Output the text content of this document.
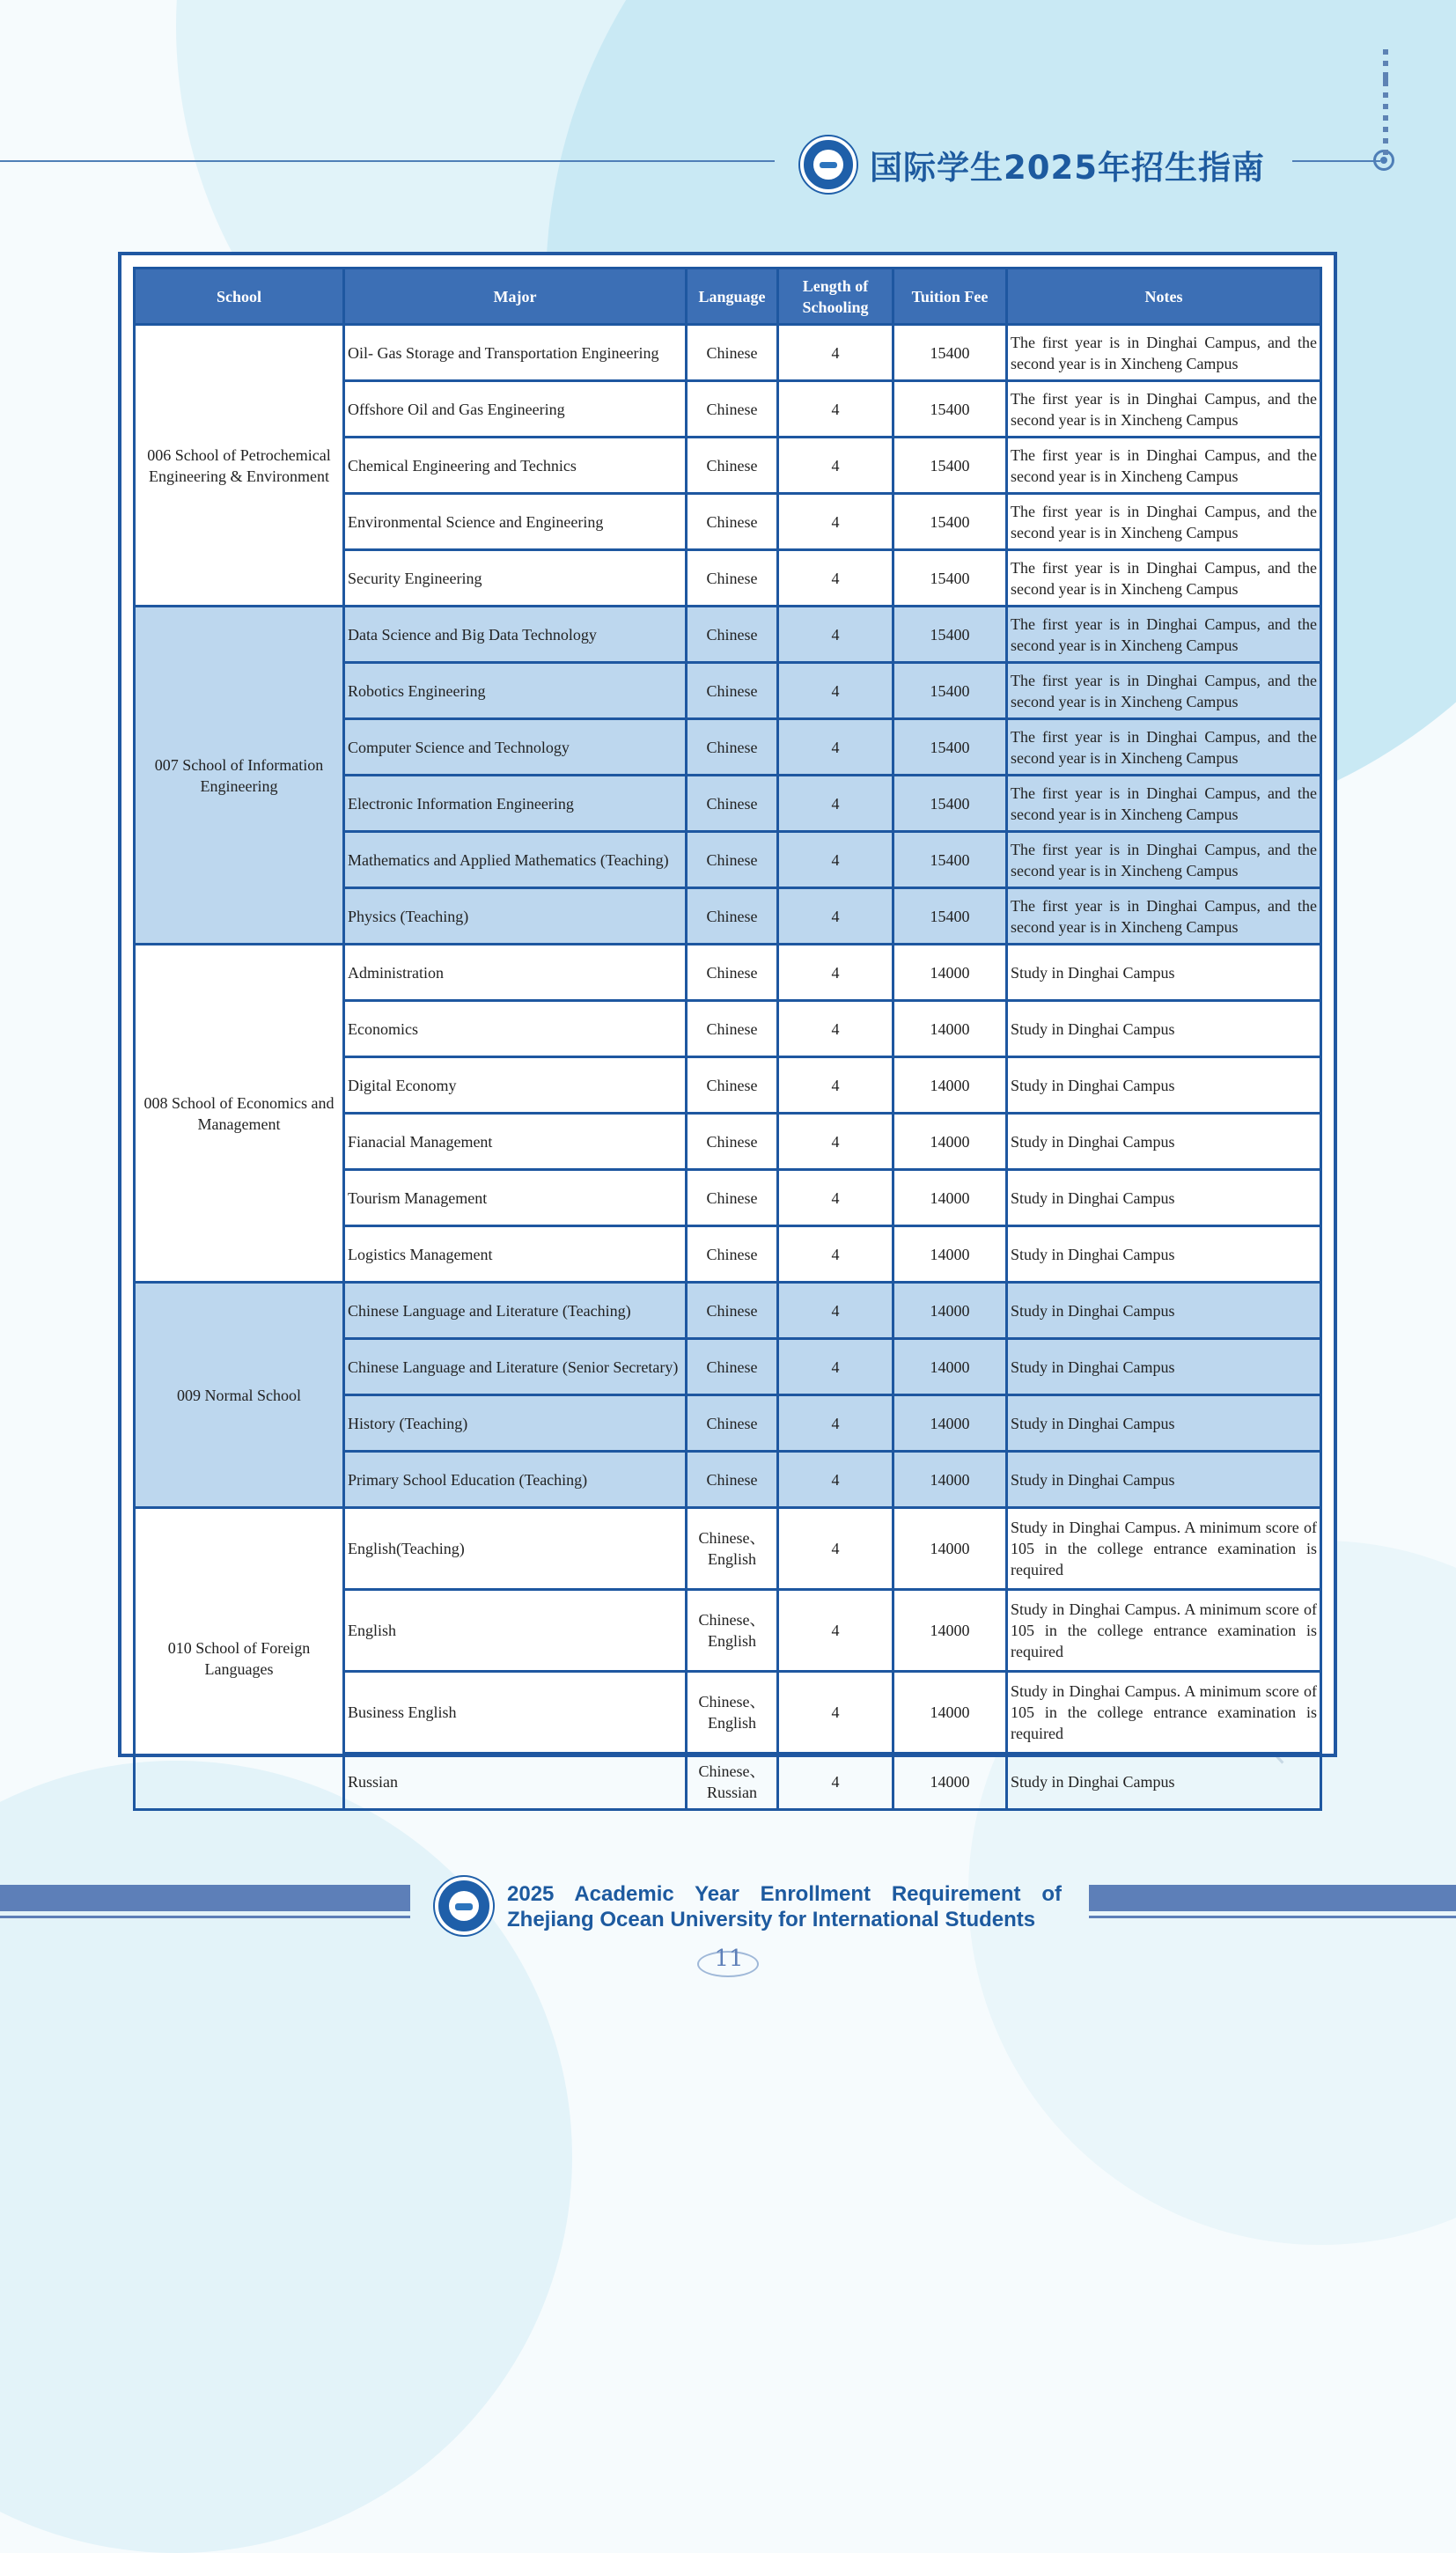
国际学生2025年招生指南
School	Major	Language	Length of Schooling	Tuition Fee	Notes
006 School of Petrochemical Engineering & Environment	Oil- Gas Storage and Transportation Engineering	Chinese	4	15400	The first year is in Dinghai Campus, and the second year is in Xincheng Campus
	Offshore Oil and Gas Engineering	Chinese	4	15400	The first year is in Dinghai Campus, and the second year is in Xincheng Campus
	Chemical Engineering and Technics	Chinese	4	15400	The first year is in Dinghai Campus, and the second year is in Xincheng Campus
	Environmental Science and Engineering	Chinese	4	15400	The first year is in Dinghai Campus, and the second year is in Xincheng Campus
	Security Engineering	Chinese	4	15400	The first year is in Dinghai Campus, and the second year is in Xincheng Campus
007 School of Information Engineering	Data Science and Big Data Technology	Chinese	4	15400	The first year is in Dinghai Campus, and the second year is in Xincheng Campus
	Robotics Engineering	Chinese	4	15400	The first year is in Dinghai Campus, and the second year is in Xincheng Campus
	Computer Science and Technology	Chinese	4	15400	The first year is in Dinghai Campus, and the second year is in Xincheng Campus
	Electronic Information Engineering	Chinese	4	15400	The first year is in Dinghai Campus, and the second year is in Xincheng Campus
	Mathematics and Applied Mathematics (Teaching)	Chinese	4	15400	The first year is in Dinghai Campus, and the second year is in Xincheng Campus
	Physics (Teaching)	Chinese	4	15400	The first year is in Dinghai Campus, and the second year is in Xincheng Campus
008 School of Economics and Management	Administration	Chinese	4	14000	Study in Dinghai Campus
	Economics	Chinese	4	14000	Study in Dinghai Campus
	Digital Economy	Chinese	4	14000	Study in Dinghai Campus
	Fianacial Management	Chinese	4	14000	Study in Dinghai Campus
	Tourism Management	Chinese	4	14000	Study in Dinghai Campus
	Logistics Management	Chinese	4	14000	Study in Dinghai Campus
009 Normal School	Chinese Language and Literature (Teaching)	Chinese	4	14000	Study in Dinghai Campus
	Chinese Language and Literature (Senior Secretary)	Chinese	4	14000	Study in Dinghai Campus
	History (Teaching)	Chinese	4	14000	Study in Dinghai Campus
	Primary School Education (Teaching)	Chinese	4	14000	Study in Dinghai Campus
010 School of Foreign Languages	English(Teaching)	Chinese、English	4	14000	Study in Dinghai Campus. A minimum score of 105 in the college entrance examination is required
	English	Chinese、English	4	14000	Study in Dinghai Campus. A minimum score of 105 in the college entrance examination is required
	Business English	Chinese、English	4	14000	Study in Dinghai Campus. A minimum score of 105 in the college entrance examination is required
	Russian	Chinese、Russian	4	14000	Study in Dinghai Campus
2025 Academic Year Enrollment Requirement of
Zhejiang Ocean University for International Students
11
